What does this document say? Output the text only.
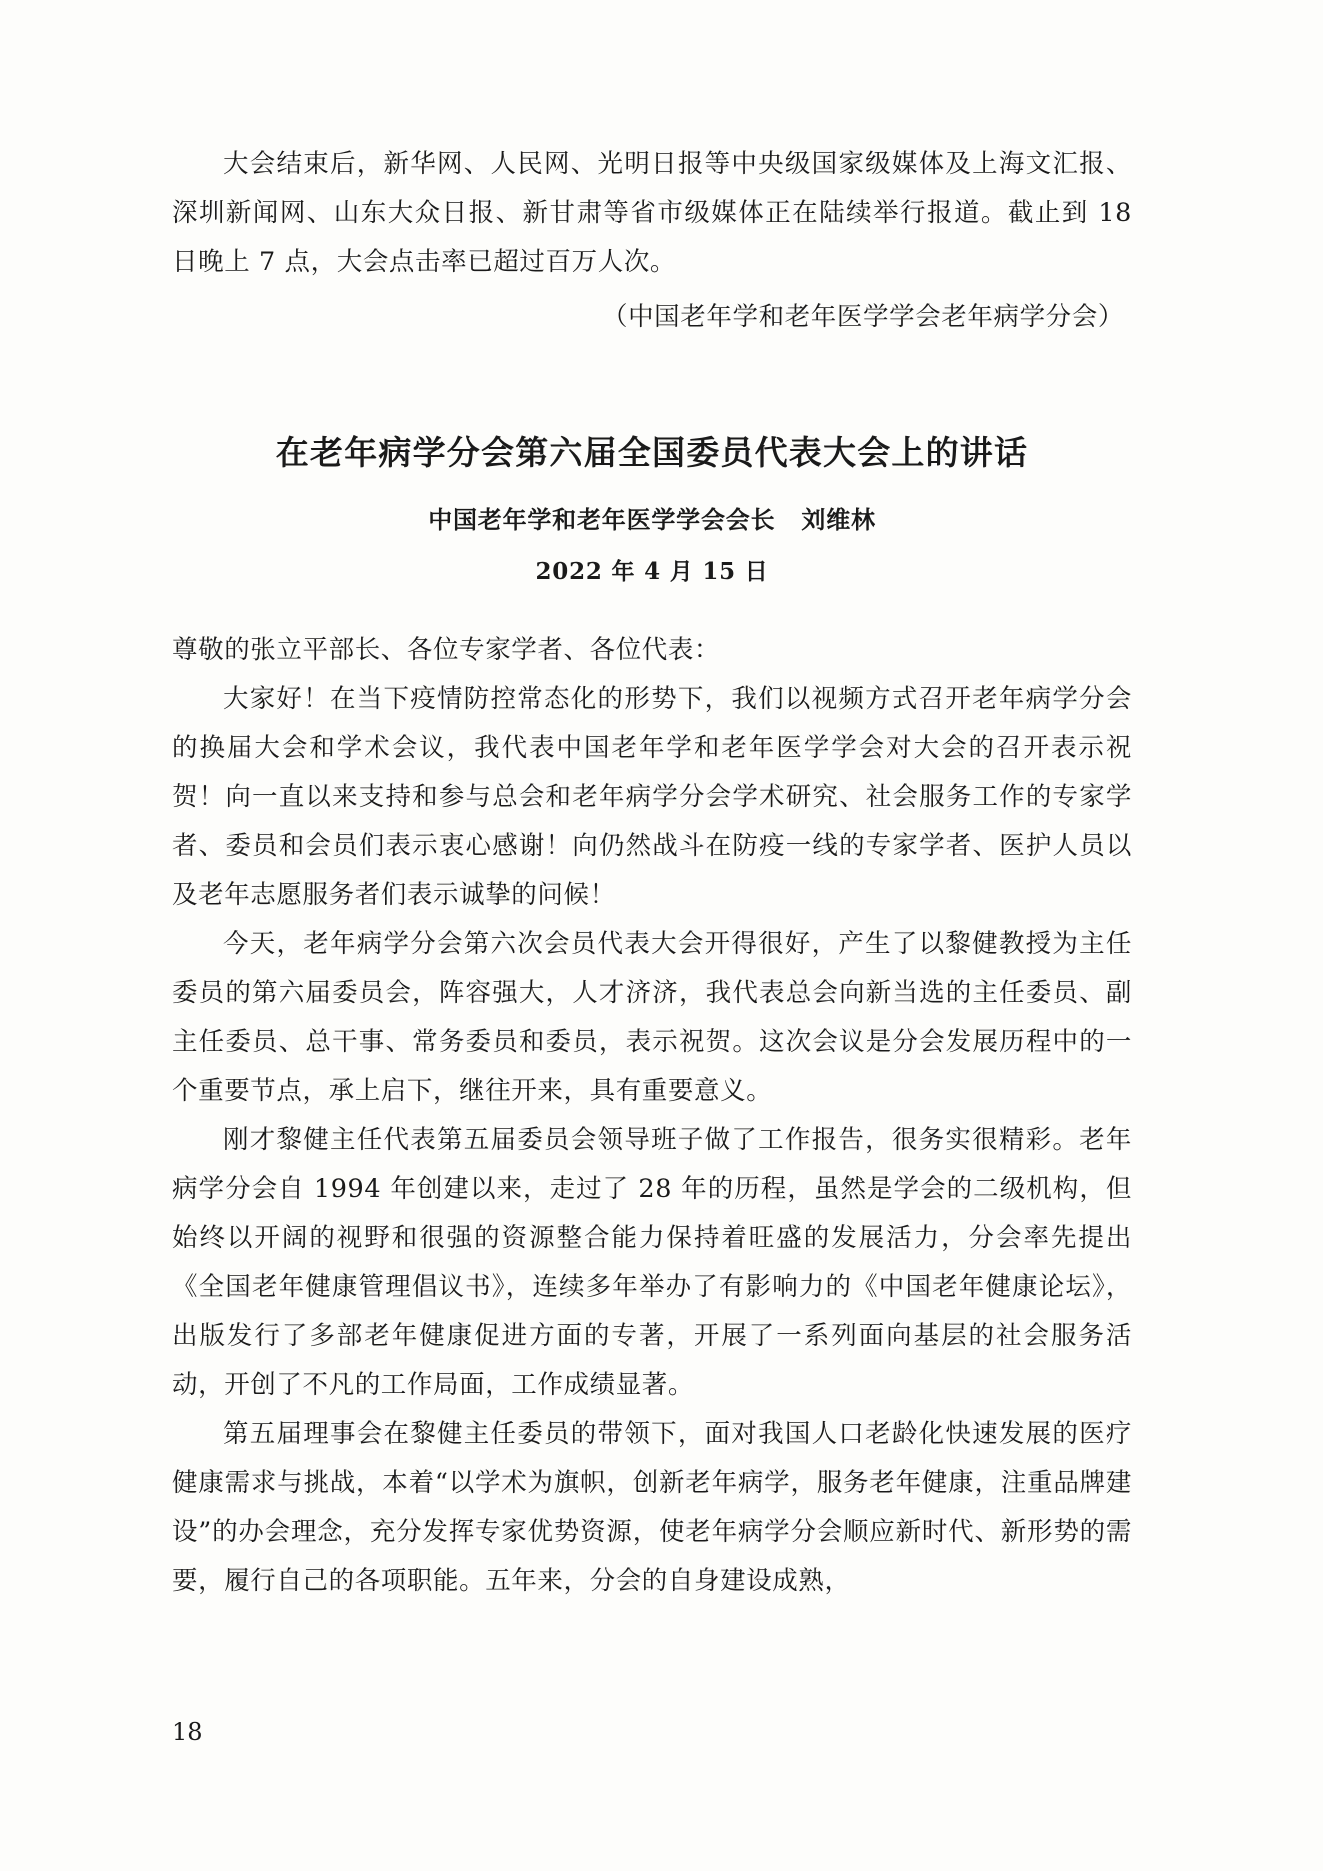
大会结束后，新华网、人民网、光明日报等中央级国家级媒体及上海文汇报、深圳新闻网、山东大众日报、新甘肃等省市级媒体正在陆续举行报道。截止到 18 日晚上 7 点，大会点击率已超过百万人次。

（中国老年学和老年医学学会老年病学分会）
在老年病学分会第六届全国委员代表大会上的讲话
中国老年学和老年医学学会会长 刘维林
2022 年 4 月 15 日
尊敬的张立平部长、各位专家学者、各位代表：

大家好！在当下疫情防控常态化的形势下，我们以视频方式召开老年病学分会的换届大会和学术会议，我代表中国老年学和老年医学学会对大会的召开表示祝贺！向一直以来支持和参与总会和老年病学分会学术研究、社会服务工作的专家学者、委员和会员们表示衷心感谢！向仍然战斗在防疫一线的专家学者、医护人员以及老年志愿服务者们表示诚挚的问候！

今天，老年病学分会第六次会员代表大会开得很好，产生了以黎健教授为主任委员的第六届委员会，阵容强大，人才济济，我代表总会向新当选的主任委员、副主任委员、总干事、常务委员和委员，表示祝贺。这次会议是分会发展历程中的一个重要节点，承上启下，继往开来，具有重要意义。

刚才黎健主任代表第五届委员会领导班子做了工作报告，很务实很精彩。老年病学分会自 1994 年创建以来，走过了 28 年的历程，虽然是学会的二级机构，但始终以开阔的视野和很强的资源整合能力保持着旺盛的发展活力，分会率先提出《全国老年健康管理倡议书》，连续多年举办了有影响力的《中国老年健康论坛》，出版发行了多部老年健康促进方面的专著，开展了一系列面向基层的社会服务活动，开创了不凡的工作局面，工作成绩显著。

第五届理事会在黎健主任委员的带领下，面对我国人口老龄化快速发展的医疗健康需求与挑战，本着“以学术为旗帜，创新老年病学，服务老年健康，注重品牌建设”的办会理念，充分发挥专家优势资源，使老年病学分会顺应新时代、新形势的需要，履行自己的各项职能。五年来，分会的自身建设成熟，

18
